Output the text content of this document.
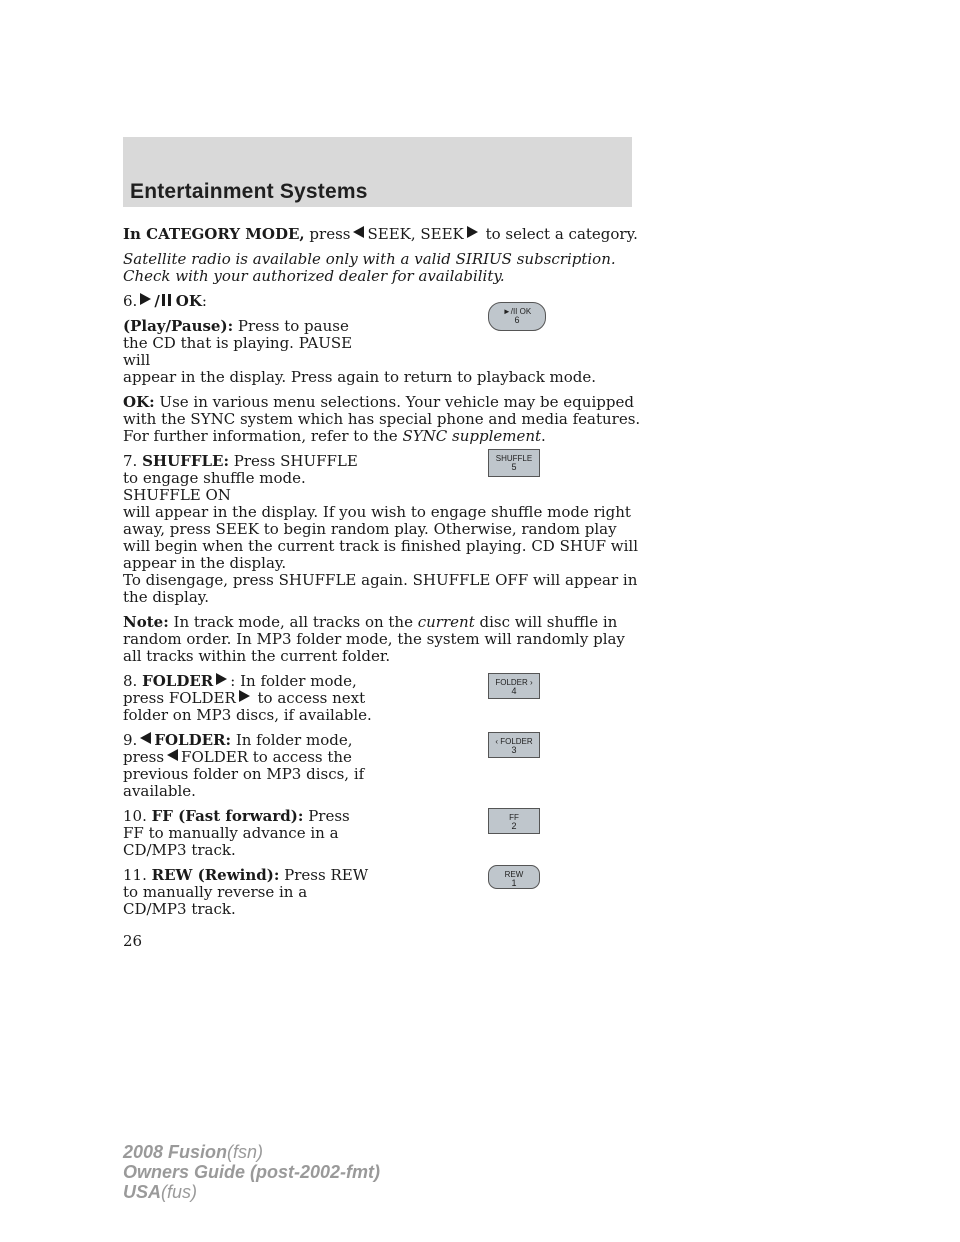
Entertainment Systems

In CATEGORY MODE, press SEEK, SEEK to select a category.

Satellite radio is available only with a valid SIRIUS subscription. Check with your authorized dealer for availability.

6. / OK:

►/II OK
6
(Play/Pause): Press to pause the CD that is playing. PAUSE will
appear in the display. Press again to return to playback mode.

OK: Use in various menu selections. Your vehicle may be equipped with the SYNC system which has special phone and media features. For further information, refer to the SYNC supplement.

SHUFFLE
5
7. SHUFFLE: Press SHUFFLE to engage shuffle mode. SHUFFLE ON
will appear in the display. If you wish to engage shuffle mode right away, press SEEK to begin random play. Otherwise, random play will begin when the current track is finished playing. CD SHUF will appear in the display.
To disengage, press SHUFFLE again. SHUFFLE OFF will appear in the display.

Note: In track mode, all tracks on the current disc will shuffle in random order. In MP3 folder mode, the system will randomly play all tracks within the current folder.

FOLDER ›
4
8. FOLDER : In folder mode, press FOLDER to access next folder on MP3 discs, if available.
‹ FOLDER
3
9. FOLDER: In folder mode, press FOLDER to access the previous folder on MP3 discs, if available.
FF
2
10. FF (Fast forward): Press FF to manually advance in a CD/MP3 track.
REW
1
11. REW (Rewind): Press REW to manually reverse in a CD/MP3 track.
26
2008 Fusion(fsn)
Owners Guide (post-2002-fmt)
USA(fus)
